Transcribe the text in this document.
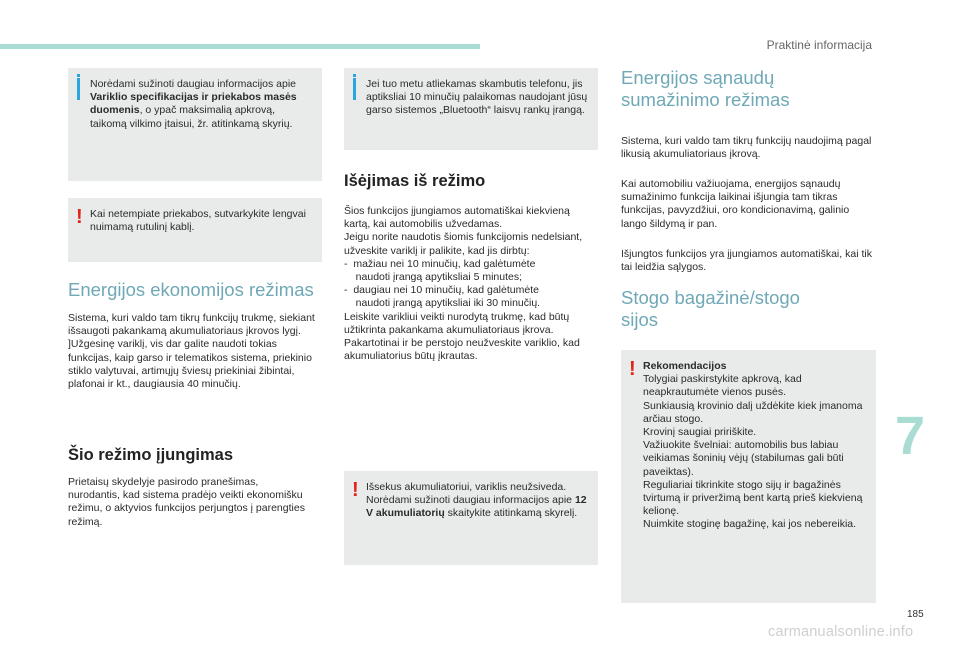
Praktinė informacija
Norėdami sužinoti daugiau informacijos apie Variklio specifikacijas ir priekabos masės duomenis, o ypač maksimalią apkrovą, taikomą vilkimo įtaisui, žr. atitinkamą skyrių.
! Kai netempiate priekabos, sutvarkykite lengvai nuimamą rutulinį kablį.
Energijos ekonomijos režimas
Sistema, kuri valdo tam tikrų funkcijų trukmę, siekiant išsaugoti pakankamą akumuliatoriaus įkrovos lygį.
]Užgesinę variklį, vis dar galite naudoti tokias funkcijas, kaip garso ir telematikos sistema, priekinio stiklo valytuvai, artimųjų šviesų priekiniai žibintai, plafonai ir kt., daugiausia 40 minučių.
Šio režimo įjungimas
Prietaisų skydelyje pasirodo pranešimas, nurodantis, kad sistema pradėjo veikti ekonomišku režimu, o aktyvios funkcijos perjungtos į parengties režimą.
Jei tuo metu atliekamas skambutis telefonu, jis aptiksliai 10 minučių palaikomas naudojant jūsų garso sistemos „Bluetooth“ laisvų rankų įrangą.
Išėjimas iš režimo
Šios funkcijos įjungiamos automatiškai kiekvieną kartą, kai automobilis užvedamas.
Jeigu norite naudotis šiomis funkcijomis nedelsiant, užveskite variklį ir palikite, kad jis dirbtų:
-  mažiau nei 10 minučių, kad galėtumėte
naudoti įrangą apytiksliai 5 minutes;
-  daugiau nei 10 minučių, kad galėtumėte
naudoti įrangą apytiksliai iki 30 minučių.
Leiskite varikliui veikti nurodytą trukmę, kad būtų užtikrinta pakankama akumuliatoriaus įkrova.
Pakartotinai ir be perstojo neužveskite variklio, kad akumuliatorius būtų įkrautas.
! Išsekus akumuliatoriui, variklis neužsiveda.
Norėdami sužinoti daugiau informacijos apie 12 V akumuliatorių skaitykite atitinkamą skyrelį.
Energijos sąnaudų sumažinimo režimas
Sistema, kuri valdo tam tikrų funkcijų naudojimą pagal likusią akumuliatoriaus įkrovą.
Kai automobiliu važiuojama, energijos sąnaudų sumažinimo funkcija laikinai išjungia tam tikras funkcijas, pavyzdžiui, oro kondicionavimą, galinio lango šildymą ir pan.
Išjungtos funkcijos yra įjungiamos automatiškai, kai tik tai leidžia sąlygos.
Stogo bagažinė/stogo sijos
! Rekomendacijos
Tolygiai paskirstykite apkrovą, kad neapkrautumėte vienos pusės.
Sunkiausią krovinio dalį uždėkite kiek įmanoma arčiau stogo.
Krovinį saugiai pririškite.
Važiuokite švelniai: automobilis bus labiau veikiamas šoninių vėjų (stabilumas gali būti paveiktas).
Reguliariai tikrinkite stogo sijų ir bagažinės tvirtumą ir priveržimą bent kartą prieš kiekvieną kelionę.
Nuimkite stoginę bagažinę, kai jos nebereikia.
7
185
carmanualsonline.info
